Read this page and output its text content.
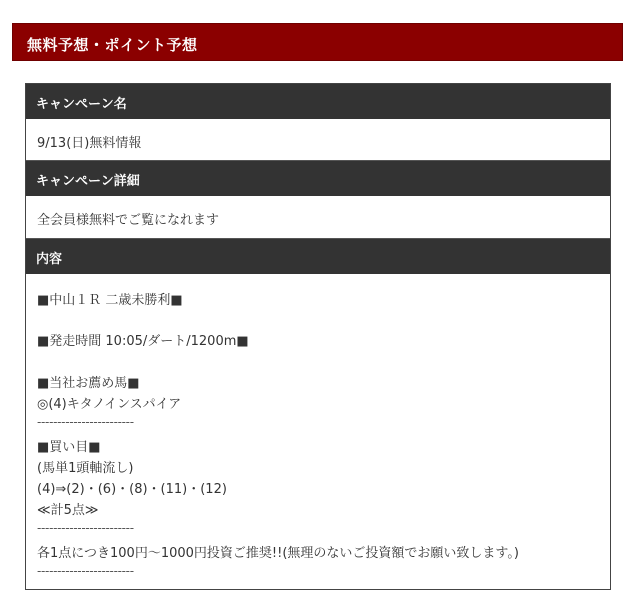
無料予想・ポイント予想
キャンペーン名
9/13(日)無料情報
キャンペーン詳細
全会員様無料でご覧になれます
内容
■中山１Ｒ 二歳未勝利■
■発走時間 10:05/ダート/1200m■
■当社お薦め馬■
◎(4)キタノインスパイア
------------------------
■買い目■
(馬単1頭軸流し)
(4)⇒(2)・(6)・(8)・(11)・(12)
≪計5点≫
------------------------
各1点につき100円〜1000円投資ご推奨!!(無理のないご投資額でお願い致します。)
------------------------
